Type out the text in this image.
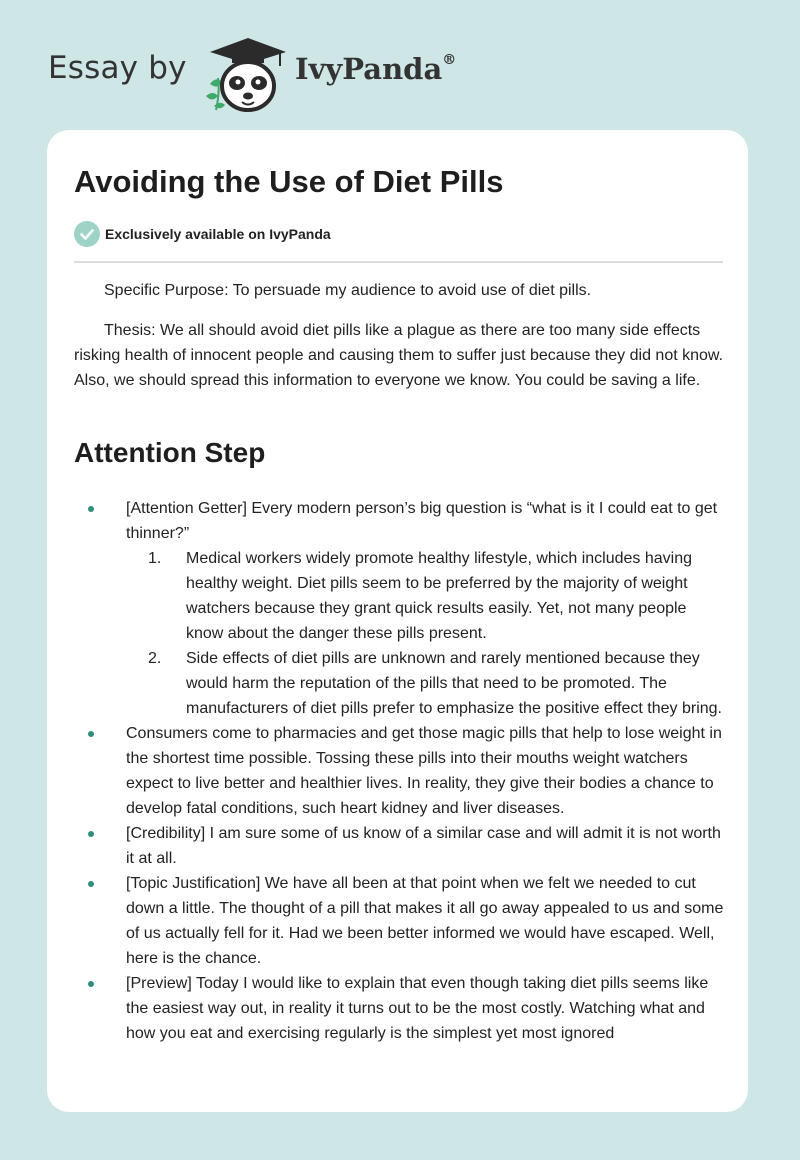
Essay by	IvyPanda®
Avoiding the Use of Diet Pills
Exclusively available on IvyPanda

Specific Purpose: To persuade my audience to avoid use of diet pills.

Thesis: We all should avoid diet pills like a plague as there are too many side effects risking health of innocent people and causing them to suffer just because they did not know. Also, we should spread this information to everyone we know. You could be saving a life.

Attention Step
[Attention Getter] Every modern person’s big question is “what is it I could eat to get thinner?”
1. Medical workers widely promote healthy lifestyle, which includes having healthy weight. Diet pills seem to be preferred by the majority of weight watchers because they grant quick results easily. Yet, not many people know about the danger these pills present.
2. Side effects of diet pills are unknown and rarely mentioned because they would harm the reputation of the pills that need to be promoted. The manufacturers of diet pills prefer to emphasize the positive effect they bring.
Consumers come to pharmacies and get those magic pills that help to lose weight in the shortest time possible. Tossing these pills into their mouths weight watchers expect to live better and healthier lives. In reality, they give their bodies a chance to develop fatal conditions, such heart kidney and liver diseases.
[Credibility] I am sure some of us know of a similar case and will admit it is not worth it at all.
[Topic Justification] We have all been at that point when we felt we needed to cut down a little. The thought of a pill that makes it all go away appealed to us and some of us actually fell for it. Had we been better informed we would have escaped. Well, here is the chance.
[Preview] Today I would like to explain that even though taking diet pills seems like the easiest way out, in reality it turns out to be the most costly. Watching what and how you eat and exercising regularly is the simplest yet most ignored
